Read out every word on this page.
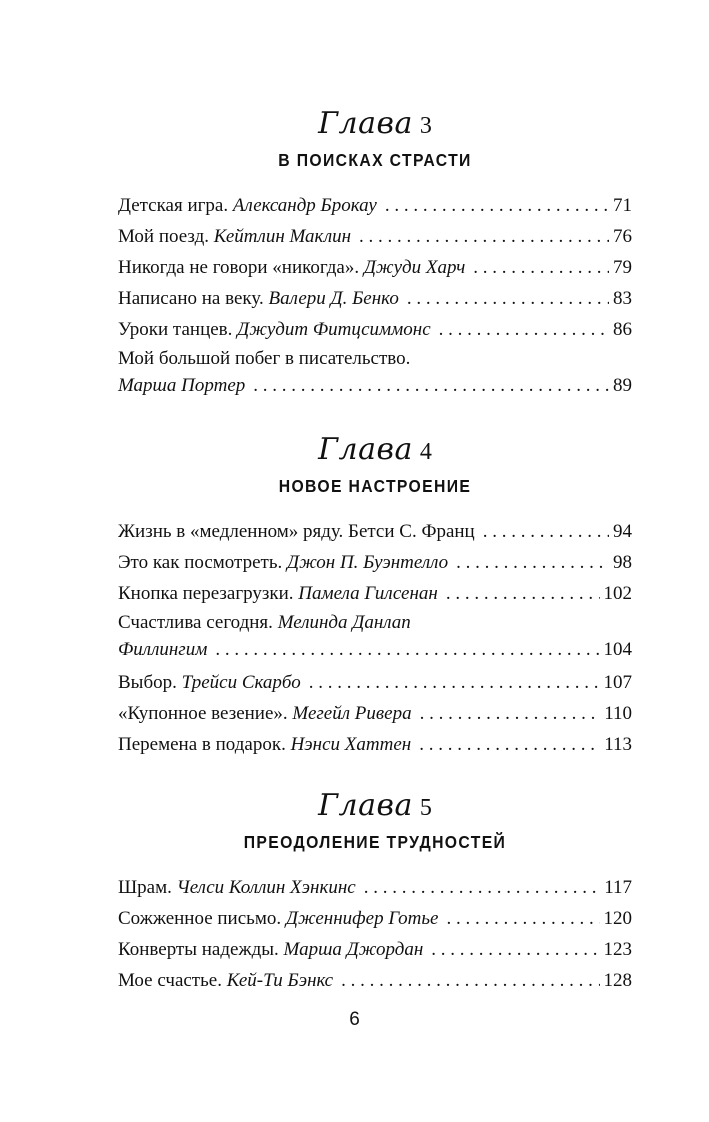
Глава 3
В ПОИСКАХ СТРАСТИ
Детская игра. Александр Брокау . . .	71
Мой поезд. Кейтлин Маклин . . .	76
Никогда не говори «никогда». Джуди Харч . . .	79
Написано на веку. Валери Д. Бенко . . .	83
Уроки танцев. Джудит Фитцсиммонс . . .	86
Мой большой побег в писательство.
Марша Портер . . .	89
Глава 4
НОВОЕ НАСТРОЕНИЕ
Жизнь в «медленном» ряду. Бетси С. Франц . . .	94
Это как посмотреть. Джон П. Буэнтелло . . .	98
Кнопка перезагрузки. Памела Гилсенан . . .	102
Счастлива сегодня. Мелинда Данлап
Филлингим . . .	104
Выбор. Трейси Скарбо . . .	107
«Купонное везение». Мегейл Ривера . . .	110
Перемена в подарок. Нэнси Хаттен . . .	113
Глава 5
ПРЕОДОЛЕНИЕ ТРУДНОСТЕЙ
Шрам. Челси Коллин Хэнкинс . . .	117
Сожженное письмо. Дженнифер Готье . . .	120
Конверты надежды. Марша Джордан . . .	123
Мое счастье. Кей-Ти Бэнкс . . .	128
6
